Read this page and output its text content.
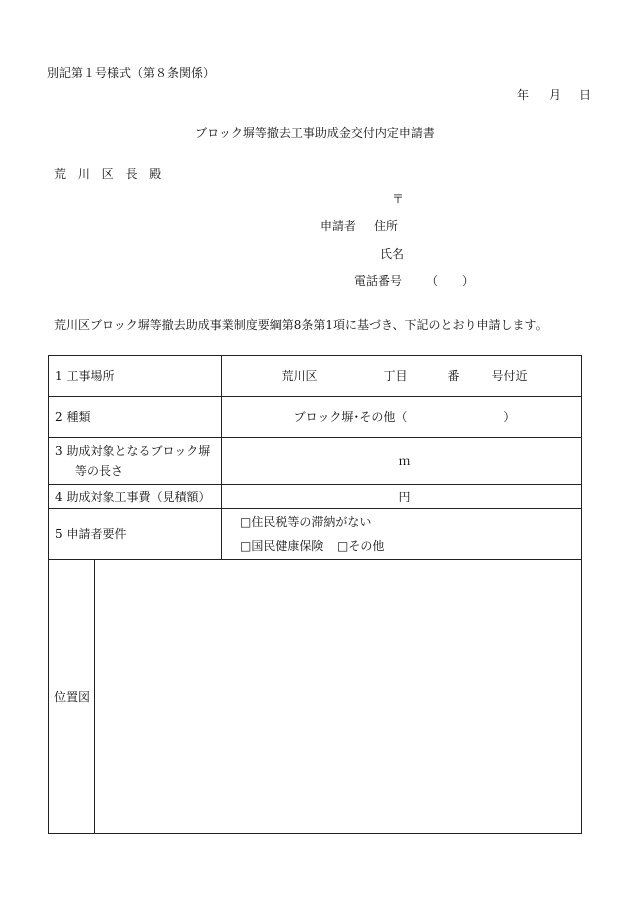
別記第１号様式（第８条関係）
年 月 日
ブロック塀等撤去工事助成金交付内定申請書
荒 川 区 長 殿
〒
申請者 住所
氏名
電話番号 （ ）
荒川区ブロック塀等撤去助成事業制度要綱第8条第1項に基づき、下記のとおり申請します。
1 工事場所	荒川区 丁目 番 号付近

2 種類	ブロック塀･その他（　　　　　　　　）
3 助成対象となるブロック塀
等の長さ	ｍ
4 助成対象工事費（見積額）	円
5 申請者要件	□住民税等の滞納がない
□国民健康保険 □その他

位置図	
